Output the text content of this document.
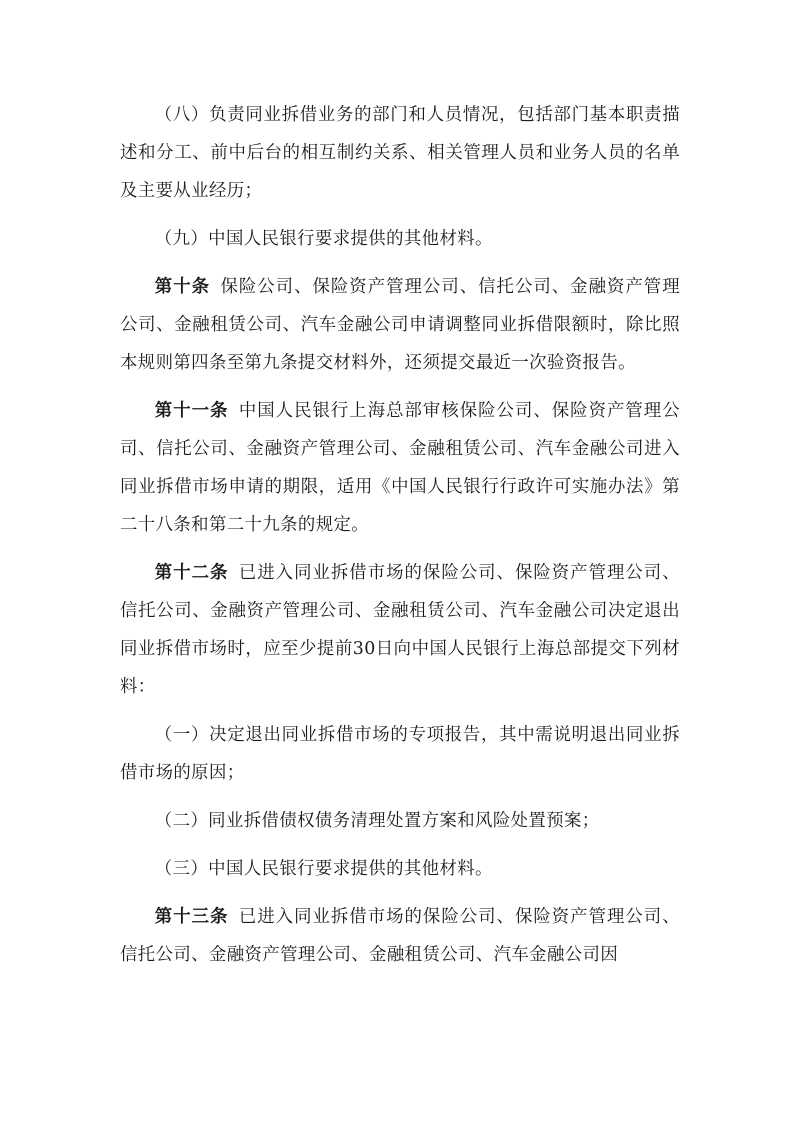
（八）负责同业拆借业务的部门和人员情况，包括部门基本职责描述和分工、前中后台的相互制约关系、相关管理人员和业务人员的名单及主要从业经历；

（九）中国人民银行要求提供的其他材料。

第十条 保险公司、保险资产管理公司、信托公司、金融资产管理公司、金融租赁公司、汽车金融公司申请调整同业拆借限额时，除比照本规则第四条至第九条提交材料外，还须提交最近一次验资报告。

第十一条 中国人民银行上海总部审核保险公司、保险资产管理公司、信托公司、金融资产管理公司、金融租赁公司、汽车金融公司进入同业拆借市场申请的期限，适用《中国人民银行行政许可实施办法》第二十八条和第二十九条的规定。

第十二条 已进入同业拆借市场的保险公司、保险资产管理公司、信托公司、金融资产管理公司、金融租赁公司、汽车金融公司决定退出同业拆借市场时，应至少提前30日向中国人民银行上海总部提交下列材料：

（一）决定退出同业拆借市场的专项报告，其中需说明退出同业拆借市场的原因；

（二）同业拆借债权债务清理处置方案和风险处置预案；

（三）中国人民银行要求提供的其他材料。

第十三条 已进入同业拆借市场的保险公司、保险资产管理公司、信托公司、金融资产管理公司、金融租赁公司、汽车金融公司因
